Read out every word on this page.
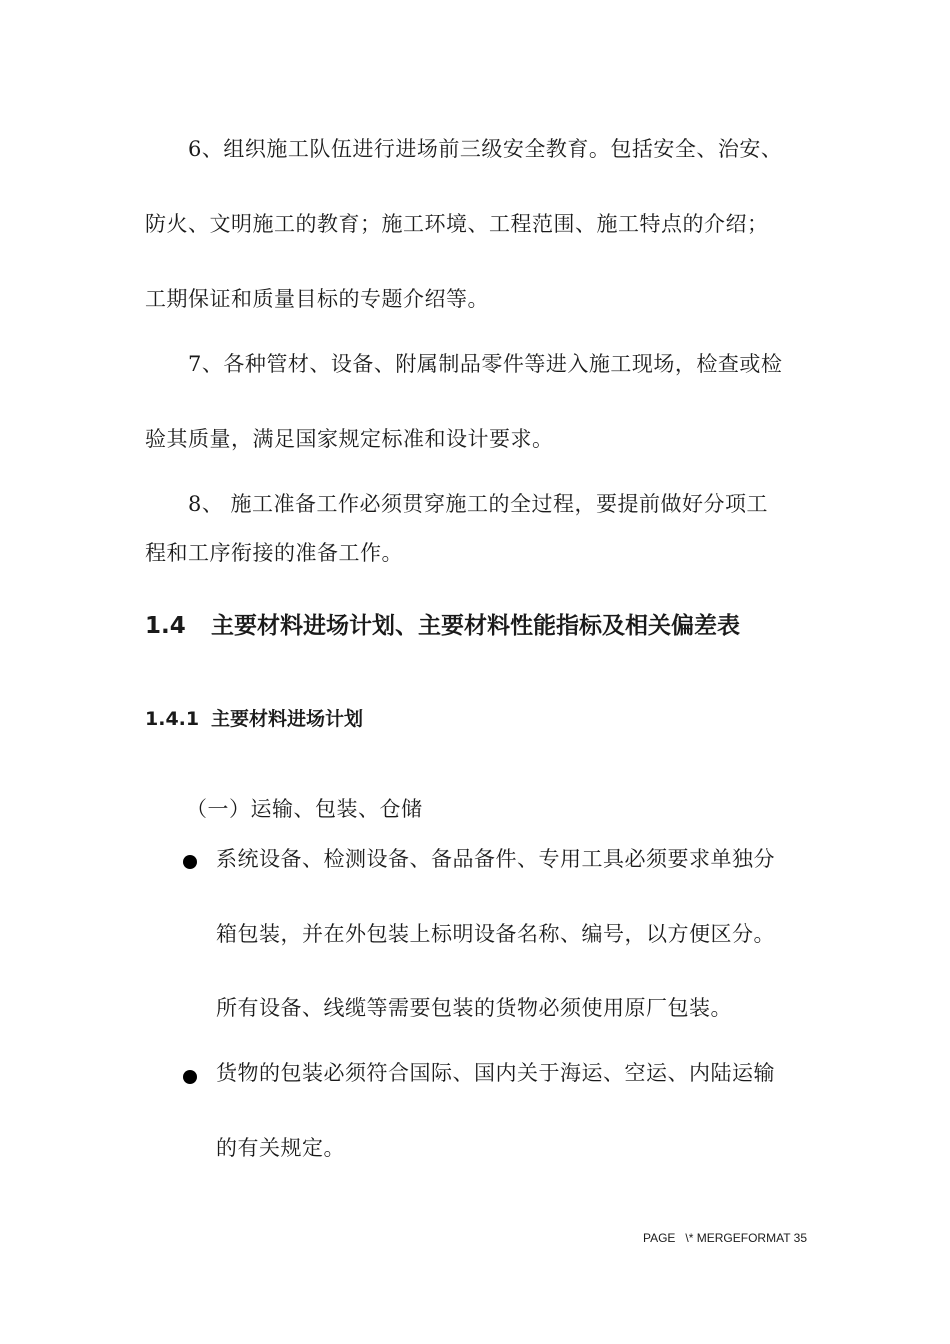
6、组织施工队伍进行进场前三级安全教育。包括安全、治安、
防火、文明施工的教育；施工环境、工程范围、施工特点的介绍；
工期保证和质量目标的专题介绍等。
7、各种管材、设备、附属制品零件等进入施工现场，检查或检
验其质量，满足国家规定标准和设计要求。
8、 施工准备工作必须贯穿施工的全过程，要提前做好分项工
程和工序衔接的准备工作。
1.4 主要材料进场计划、主要材料性能指标及相关偏差表
1.4.1 主要材料进场计划
（一）运输、包装、仓储
系统设备、检测设备、备品备件、专用工具必须要求单独分
箱包装，并在外包装上标明设备名称、编号，以方便区分。
所有设备、线缆等需要包装的货物必须使用原厂包装。
货物的包装必须符合国际、国内关于海运、空运、内陆运输
的有关规定。
PAGE   \* MERGEFORMAT 35
